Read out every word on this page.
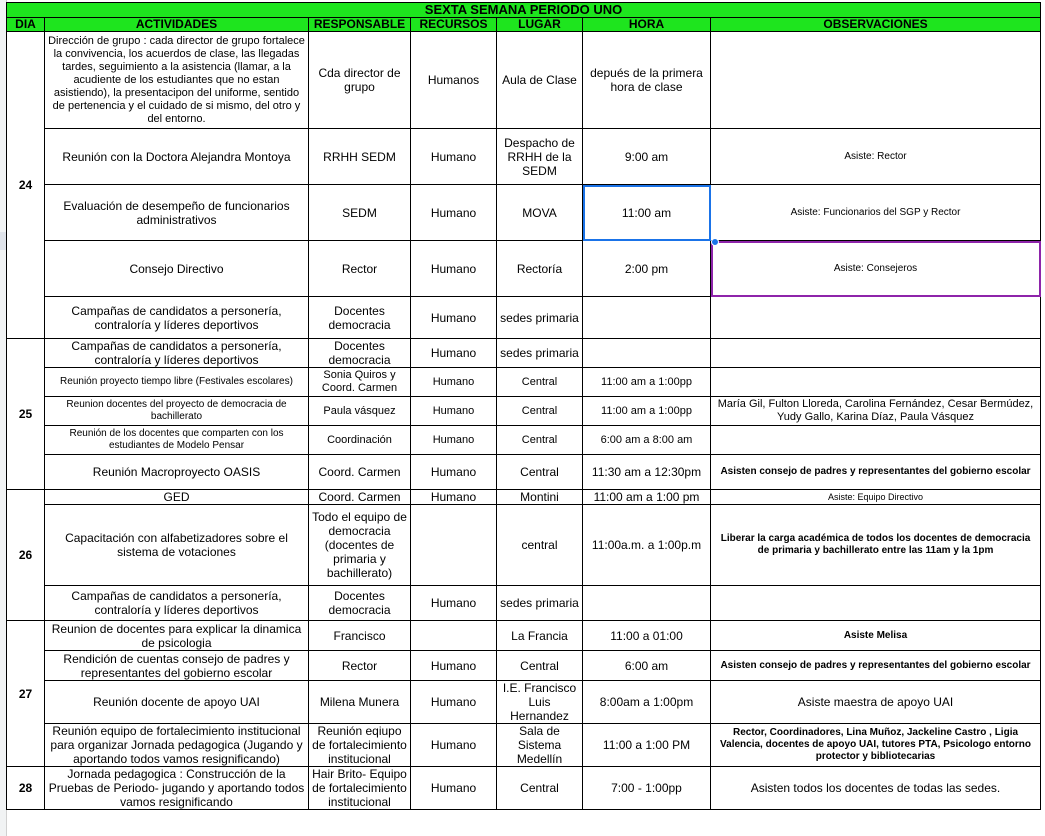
SEXTA SEMANA PERIODO UNO						
DIA	ACTIVIDADES	RESPONSABLE	RECURSOS	LUGAR	HORA	OBSERVACIONES
24	Dirección de grupo : cada director de grupo fortalece la convivencia, los acuerdos de clase, las llegadas tardes, seguimiento a la asistencia (llamar, a la acudiente de los estudiantes que no estan asistiendo), la presentacipon del uniforme, sentido de pertenencia y el cuidado de si mismo, del otro y del entorno.	Cda director de grupo	Humanos	Aula de Clase	depués de la primera hora de clase	
	Reunión con la Doctora Alejandra Montoya	RRHH SEDM	Humano	Despacho de RRHH de la SEDM	9:00 am	Asiste: Rector
	Evaluación de desempeño de funcionarios administrativos	SEDM	Humano	MOVA	11:00 am	Asiste: Funcionarios del SGP y Rector
	Consejo Directivo	Rector	Humano	Rectoría	2:00 pm	Asiste: Consejeros
	Campañas de candidatos a personería, contraloría y líderes deportivos	Docentes democracia	Humano	sedes primaria		
25	Campañas de candidatos a personería, contraloría y líderes deportivos	Docentes democracia	Humano	sedes primaria		
	Reunión proyecto tiempo libre (Festivales escolares)	Sonia Quiros y Coord. Carmen	Humano	Central	11:00 am a 1:00pp	
	Reunion docentes del proyecto de democracia de bachillerato	Paula vásquez	Humano	Central	11:00 am a 1:00pp	María Gil, Fulton Lloreda, Carolina Fernández, Cesar Bermúdez, Yudy Gallo, Karina Díaz, Paula Vásquez
	Reunión de los docentes que comparten con los estudiantes de Modelo Pensar	Coordinación	Humano	Central	6:00 am a 8:00 am	
	Reunión Macroproyecto OASIS	Coord. Carmen	Humano	Central	11:30 am a 12:30pm	Asisten consejo de padres y representantes del gobierno escolar
26	GED	Coord. Carmen	Humano	Montini	11:00 am a 1:00 pm	Asiste: Equipo Directivo
	Capacitación con alfabetizadores sobre el sistema de votaciones	Todo el equipo de democracia (docentes de primaria y bachillerato)		central	11:00a.m. a 1:00p.m	Liberar la carga académica de todos los docentes de democracia de primaria y bachillerato entre las 11am y la 1pm
	Campañas de candidatos a personería, contraloría y líderes deportivos	Docentes democracia	Humano	sedes primaria		
27	Reunion de docentes para explicar la dinamica de psicologia	Francisco		La Francia	11:00 a 01:00	Asiste Melisa
	Rendición de cuentas consejo de padres y representantes del gobierno escolar	Rector	Humano	Central	6:00 am	Asisten consejo de padres y representantes del gobierno escolar
	Reunión docente de apoyo UAI	Milena Munera	Humano	I.E. Francisco Luis Hernandez	8:00am a 1:00pm	Asiste maestra de apoyo UAI
	Reunión equipo de fortalecimiento institucional para organizar Jornada pedagogica (Jugando y aportando todos vamos resignificando)	Reunión eqiupo de fortalecimiento institucional	Humano	Sala de Sistema Medellín	11:00 a 1:00 PM	Rector, Coordinadores, Lina Muñoz, Jackeline Castro , Ligia Valencia, docentes de apoyo UAI, tutores PTA, Psicologo entorno protector y bibliotecarias
28	Jornada pedagogica : Construcción de la Pruebas de Periodo- jugando y aportando todos vamos resignificando	Hair Brito- Equipo de fortalecimiento institucional	Humano	Central	7:00 - 1:00pp	Asisten todos los docentes de todas las sedes.
